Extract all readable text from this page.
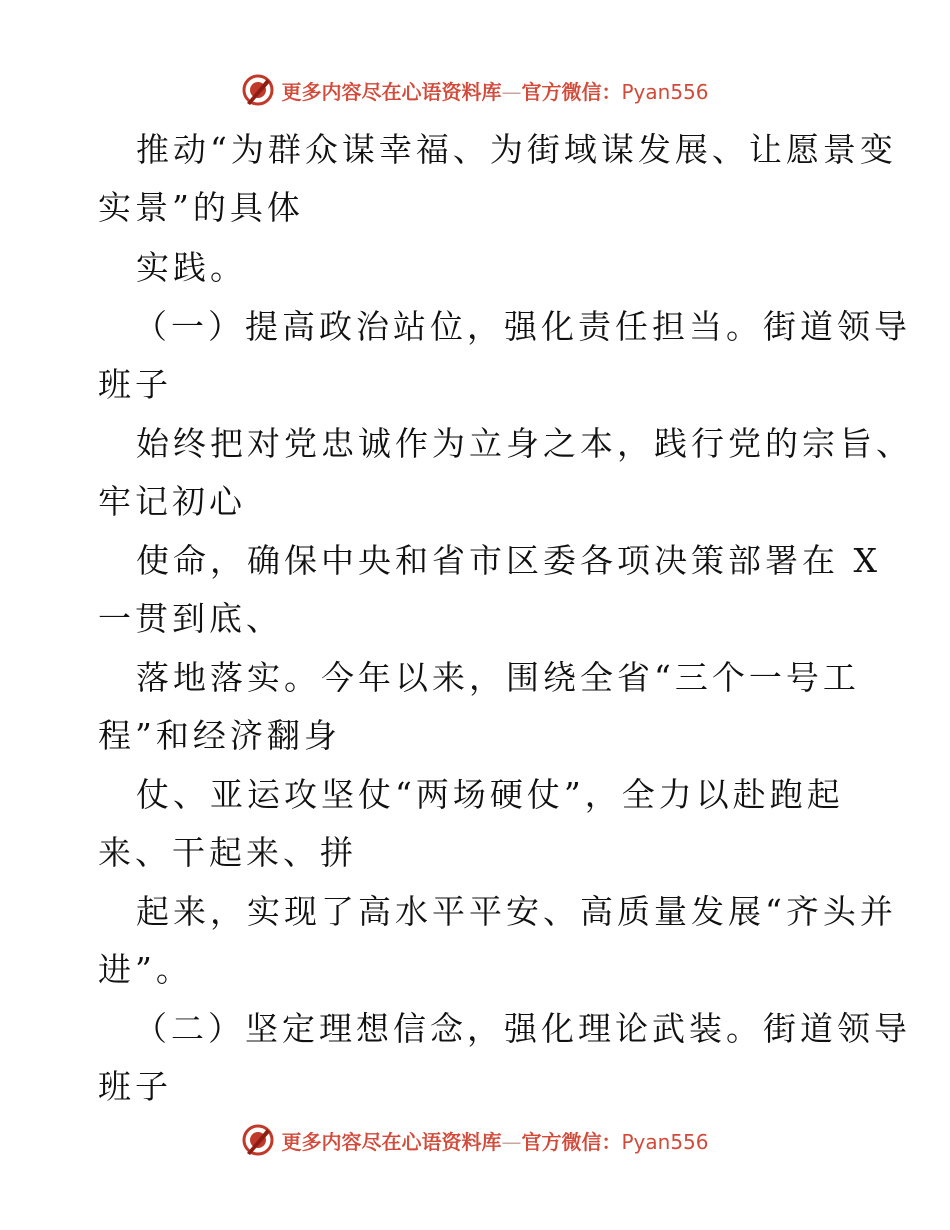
更多内容尽在心语资料库—官方微信：Pyan556
推动“为群众谋幸福、为街域谋发展、让愿景变
实景”的具体
实践。
（一）提高政治站位，强化责任担当。街道领导
班子
始终把对党忠诚作为立身之本，践行党的宗旨、
牢记初心
使命，确保中央和省市区委各项决策部署在 X
一贯到底、
落地落实。今年以来，围绕全省“三个一号工
程”和经济翻身
仗、亚运攻坚仗“两场硬仗”，全力以赴跑起
来、干起来、拼
起来，实现了高水平平安、高质量发展“齐头并
进”。
（二）坚定理想信念，强化理论武装。街道领导
班子
更多内容尽在心语资料库—官方微信：Pyan556
